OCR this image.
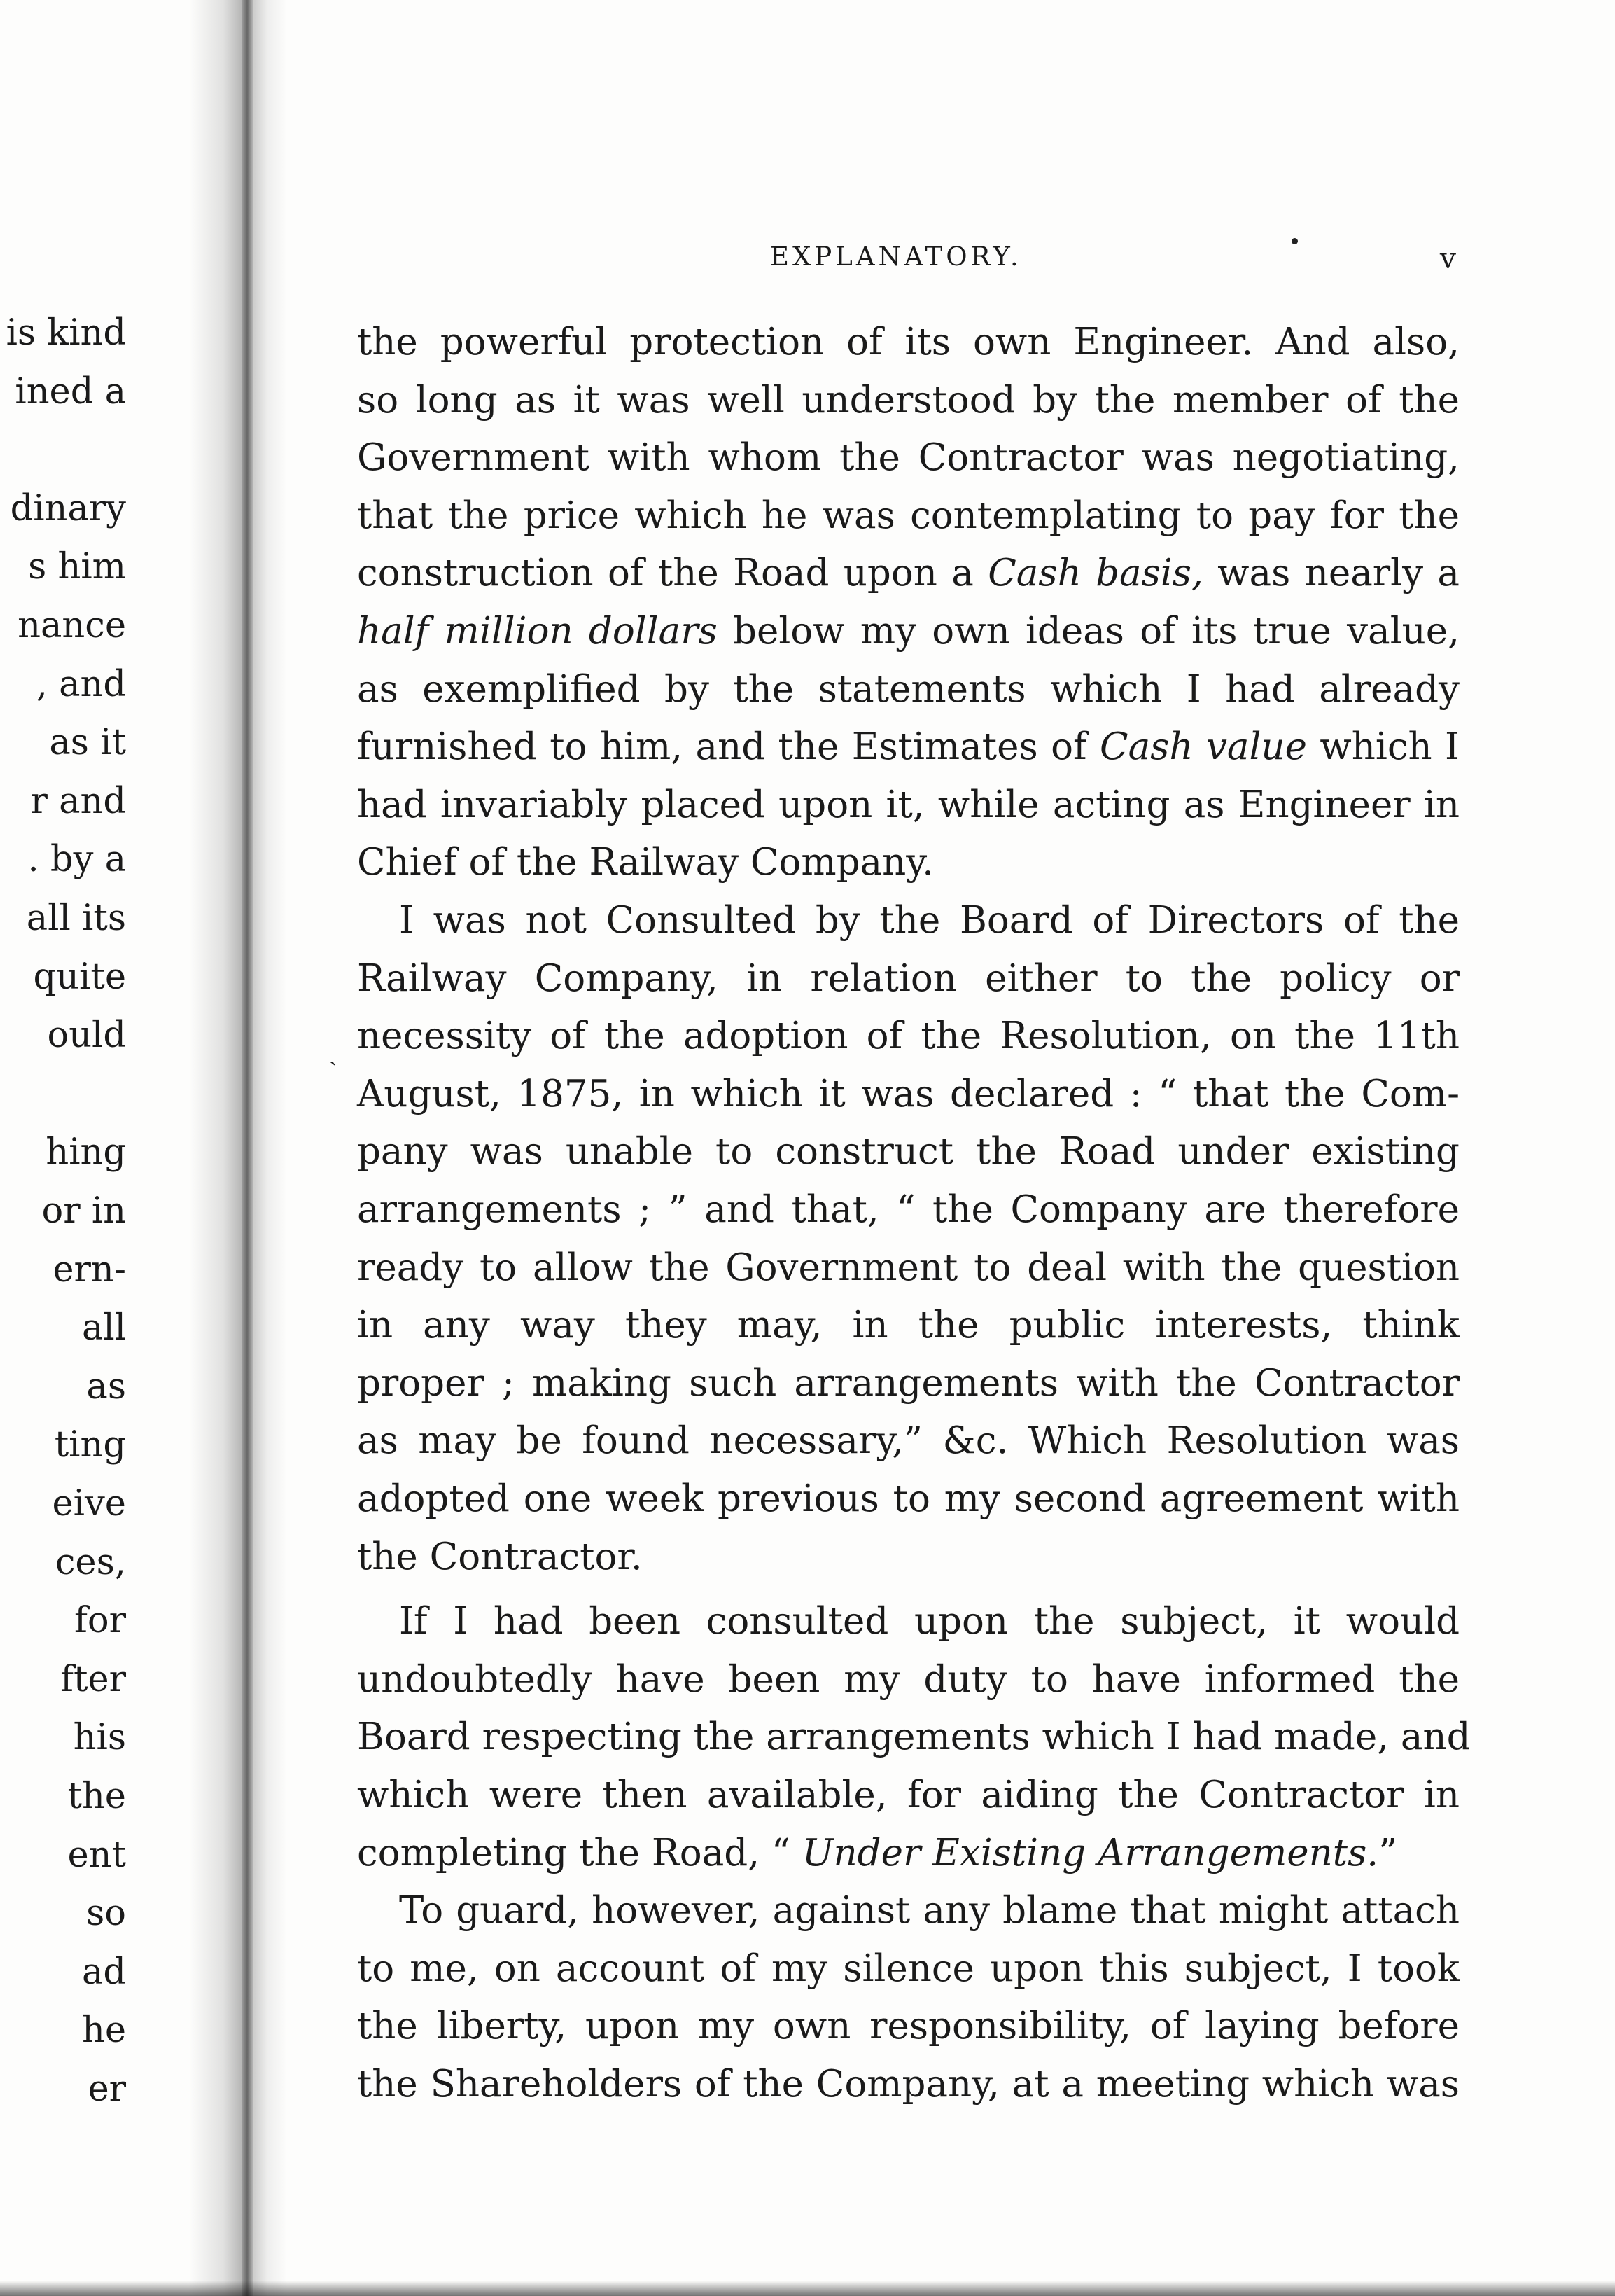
is kind
ined a
dinary
s him
nance
, and
as it
r and
. by a
all its
quite
ould
hing
or in
ern-
all
as
ting
eive
ces,
for
fter
his
the
ent
so
ad
he
er
EXPLANATORY.	v
ˎ
the powerful protection of its own Engineer. And also,
so long as it was well understood by the member of the
Government with whom the Contractor was negotiating,
that the price which he was contemplating to pay for the
construction of the Road upon a Cash basis, was nearly a
half million dollars below my own ideas of its true value,
as exemplified by the statements which I had already
furnished to him, and the Estimates of Cash value which I
had invariably placed upon it, while acting as Engineer in
Chief of the Railway Company.
I was not Consulted by the Board of Directors of the
Railway Company, in relation either to the policy or
necessity of the adoption of the Resolution, on the 11th
August, 1875, in which it was declared : “ that the Com-
pany was unable to construct the Road under existing
arrangements ; ” and that, “ the Company are therefore
ready to allow the Government to deal with the question
in any way they may, in the public interests, think
proper ; making such arrangements with the Contractor
as may be found necessary,” &c. Which Resolution was
adopted one week previous to my second agreement with
the Contractor.
If I had been consulted upon the subject, it would
undoubtedly have been my duty to have informed the
Board respecting the arrangements which I had made, and
which were then available, for aiding the Contractor in
completing the Road, “ Under Existing Arrangements.”
To guard, however, against any blame that might attach
to me, on account of my silence upon this subject, I took
the liberty, upon my own responsibility, of laying before
the Shareholders of the Company, at a meeting which was
